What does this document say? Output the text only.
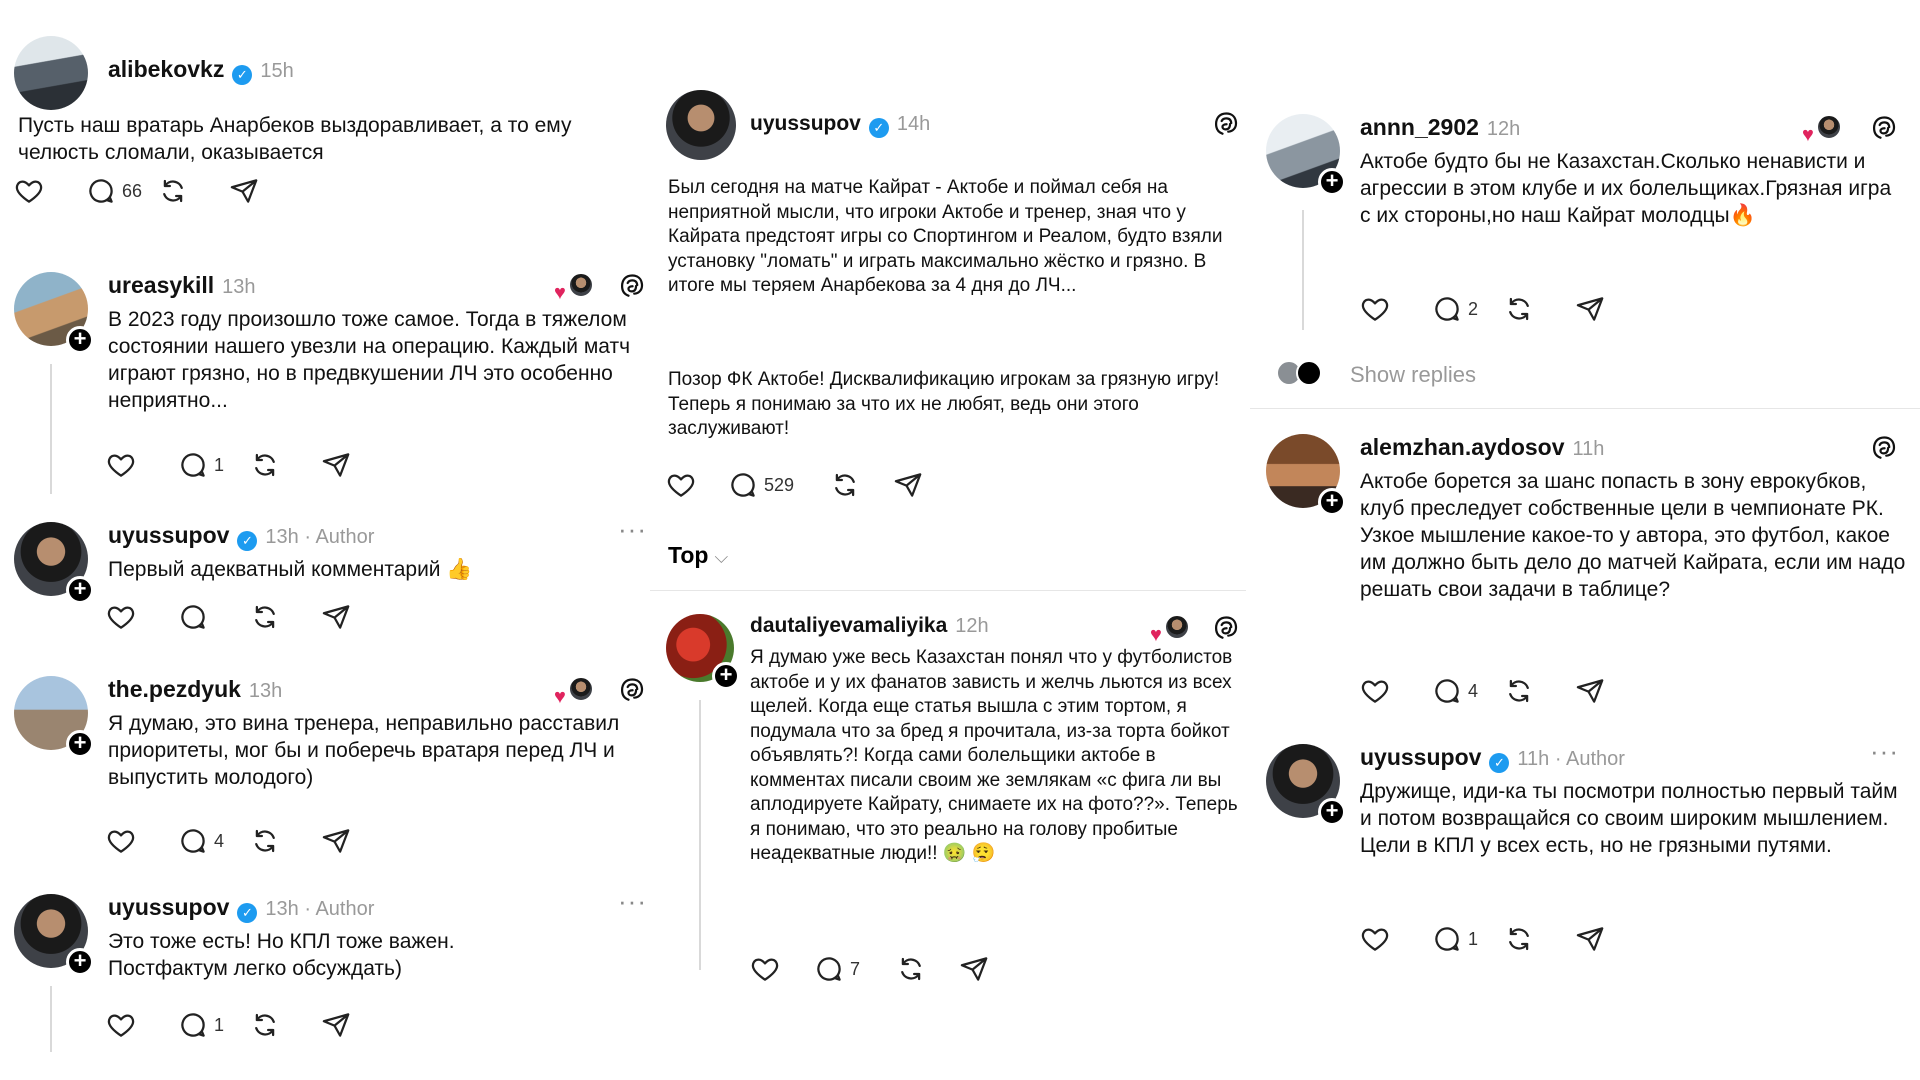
alibekovkz ✓ 15h
Пусть наш вратарь Анарбеков выздоравливает, а то ему челюсть сломали, оказывается
66
+
ureasykill 13h	♥
В 2023 году произошло тоже самое. Тогда в тяжелом состоянии нашего увезли на операцию. Каждый матч играют грязно, но в предвкушении ЛЧ это особенно неприятно...
1
+
uyussupov ✓ 13h · Author	···
Первый адекватный комментарий 👍
+
the.pezdyuk 13h	♥
Я думаю, это вина тренера, неправильно расставил приоритеты, мог бы и поберечь вратаря перед ЛЧ и выпустить молодого)
4
+
uyussupov ✓ 13h · Author	···
Это тоже есть! Но КПЛ тоже важен. Постфактум легко обсуждать)
1
uyussupov ✓ 14h
Был сегодня на матче Кайрат - Актобе и поймал себя на неприятной мысли, что игроки Актобе и тренер, зная что у Кайрата предстоят игры со Спортингом и Реалом, будто взяли установку "ломать" и играть максимально жёстко и грязно. В итоге мы теряем Анарбекова за 4 дня до ЛЧ...
Позор ФК Актобе! Дисквалификацию игрокам за грязную игру! Теперь я понимаю за что их не любят, ведь они этого заслуживают!
529
Top ⌵
+
dautaliyevamaliyika 12h	♥
Я думаю уже весь Казахстан понял что у футболистов актобе и у их фанатов зависть и желчь льются из всех щелей. Когда еще статья вышла с этим тортом, я подумала что за бред я прочитала, из-за торта бойкот объявлять?! Когда сами болельщики актобе в комментах писали своим же землякам «с фига ли вы аплодируете Кайрату, снимаете их на фото??». Теперь я понимаю, что это реально на голову пробитые неадекватные люди!! 🤢 😮‍💨
7
+
annn_2902 12h	♥
Актобе будто бы не Казахстан.Сколько ненависти и агрессии в этом клубе и их болельщиках.Грязная игра с их стороны,но наш Кайрат молодцы🔥
2
Show replies
+
alemzhan.aydosov 11h
Актобе борется за шанс попасть в зону еврокубков, клуб преследует собственные цели в чемпионате РК. Узкое мышление какое-то у автора, это футбол, какое им должно быть дело до матчей Кайрата, если им надо решать свои задачи в таблице?
4
+
uyussupov ✓ 11h · Author	···
Дружище, иди-ка ты посмотри полностью первый тайм и потом возвращайся со своим широким мышлением. Цели в КПЛ у всех есть, но не грязными путями.
1
